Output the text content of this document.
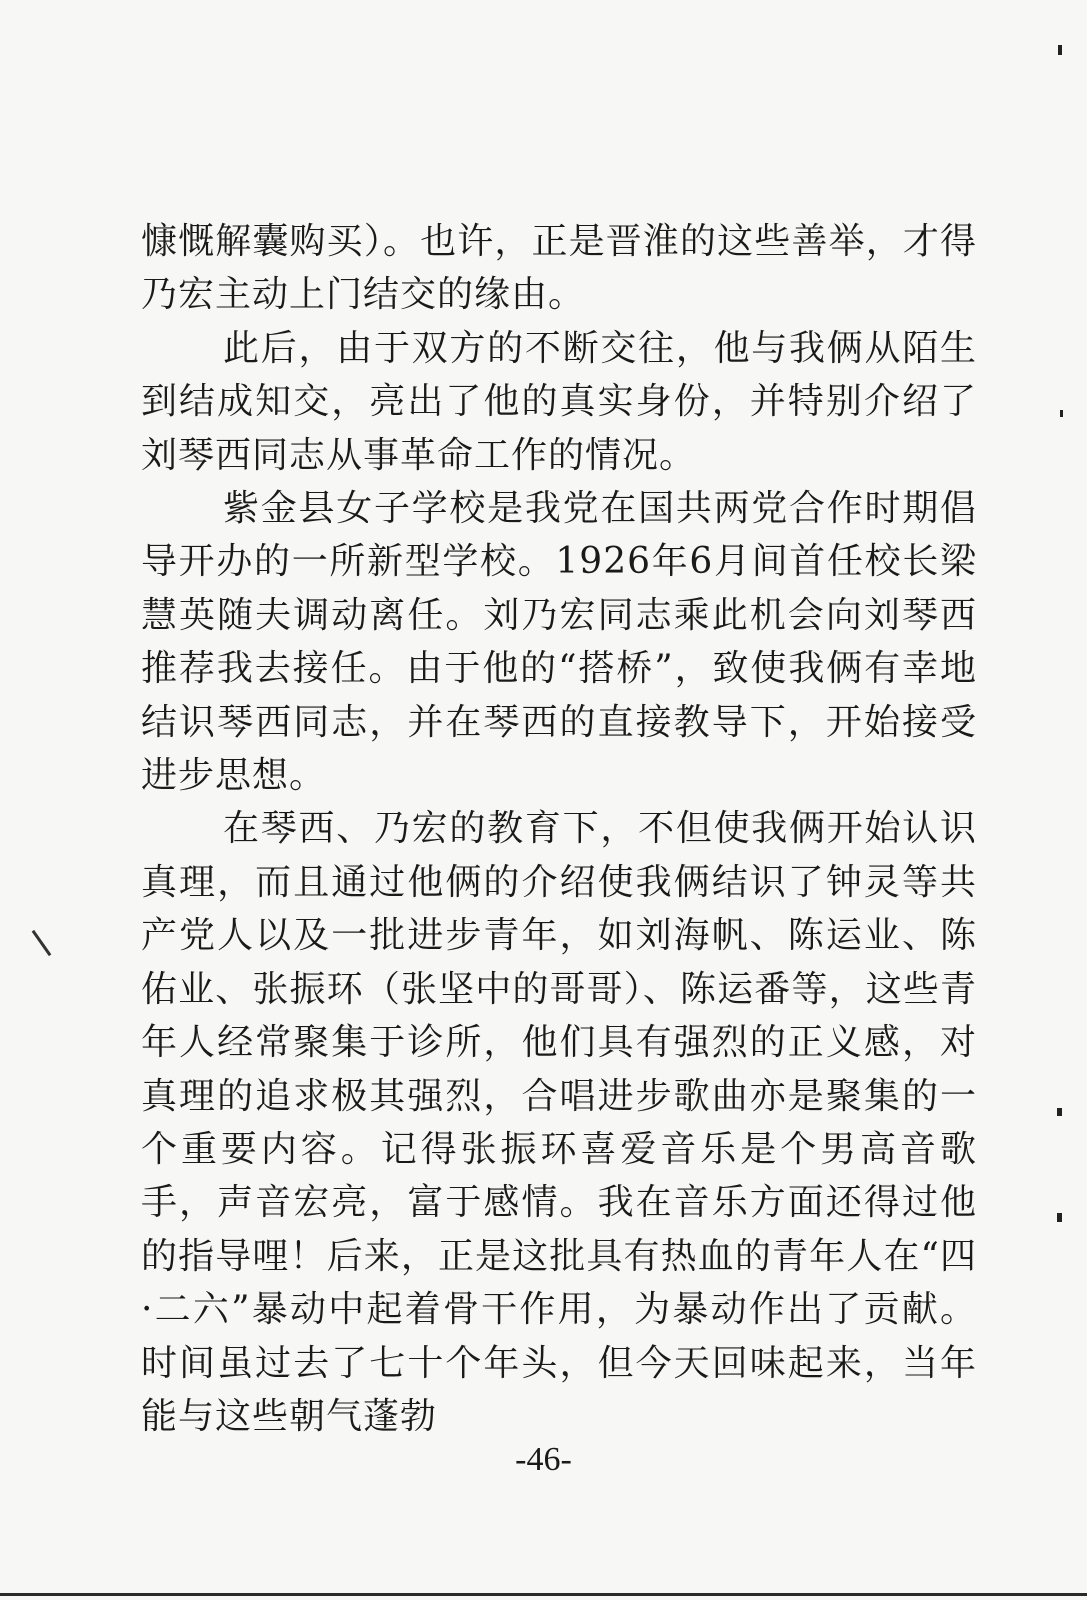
慷慨解囊购买）。也许，正是晋淮的这些善举，才得乃宏主动上门结交的缘由。

此后，由于双方的不断交往，他与我俩从陌生到结成知交，亮出了他的真实身份，并特别介绍了刘琴西同志从事革命工作的情况。

紫金县女子学校是我党在国共两党合作时期倡导开办的一所新型学校。1926年6月间首任校长梁慧英随夫调动离任。刘乃宏同志乘此机会向刘琴西推荐我去接任。由于他的“搭桥”，致使我俩有幸地结识琴西同志，并在琴西的直接教导下，开始接受进步思想。

在琴西、乃宏的教育下，不但使我俩开始认识真理，而且通过他俩的介绍使我俩结识了钟灵等共产党人以及一批进步青年，如刘海帆、陈运业、陈佑业、张振环（张坚中的哥哥）、陈运番等，这些青年人经常聚集于诊所，他们具有强烈的正义感，对真理的追求极其强烈，合唱进步歌曲亦是聚集的一个重要内容。记得张振环喜爱音乐是个男高音歌手，声音宏亮，富于感情。我在音乐方面还得过他的指导哩！后来，正是这批具有热血的青年人在“四·二六”暴动中起着骨干作用，为暴动作出了贡献。时间虽过去了七十个年头，但今天回味起来，当年能与这些朝气蓬勃

-46-
